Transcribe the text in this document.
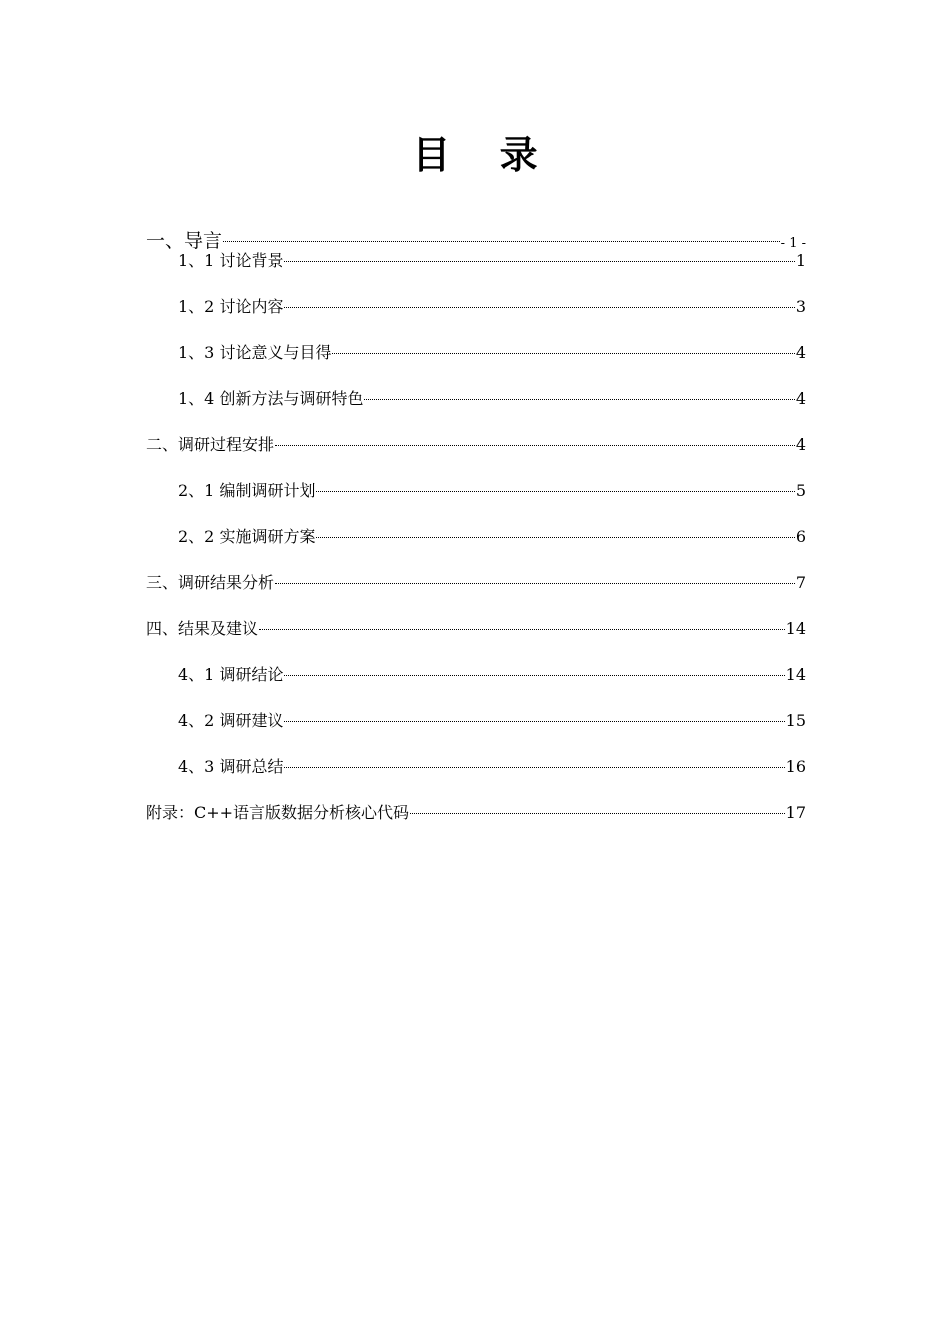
目 录
一、导言	- 1 -
1、1 讨论背景	1
1、2 讨论内容	3
1、3 讨论意义与目得	4
1、4 创新方法与调研特色	4
二、调研过程安排	4
2、1 编制调研计划	5
2、2 实施调研方案	6
三、调研结果分析	7
四、结果及建议	14
4、1 调研结论	14
4、2 调研建议	15
4、3 调研总结	16
附录：C++语言版数据分析核心代码	17
